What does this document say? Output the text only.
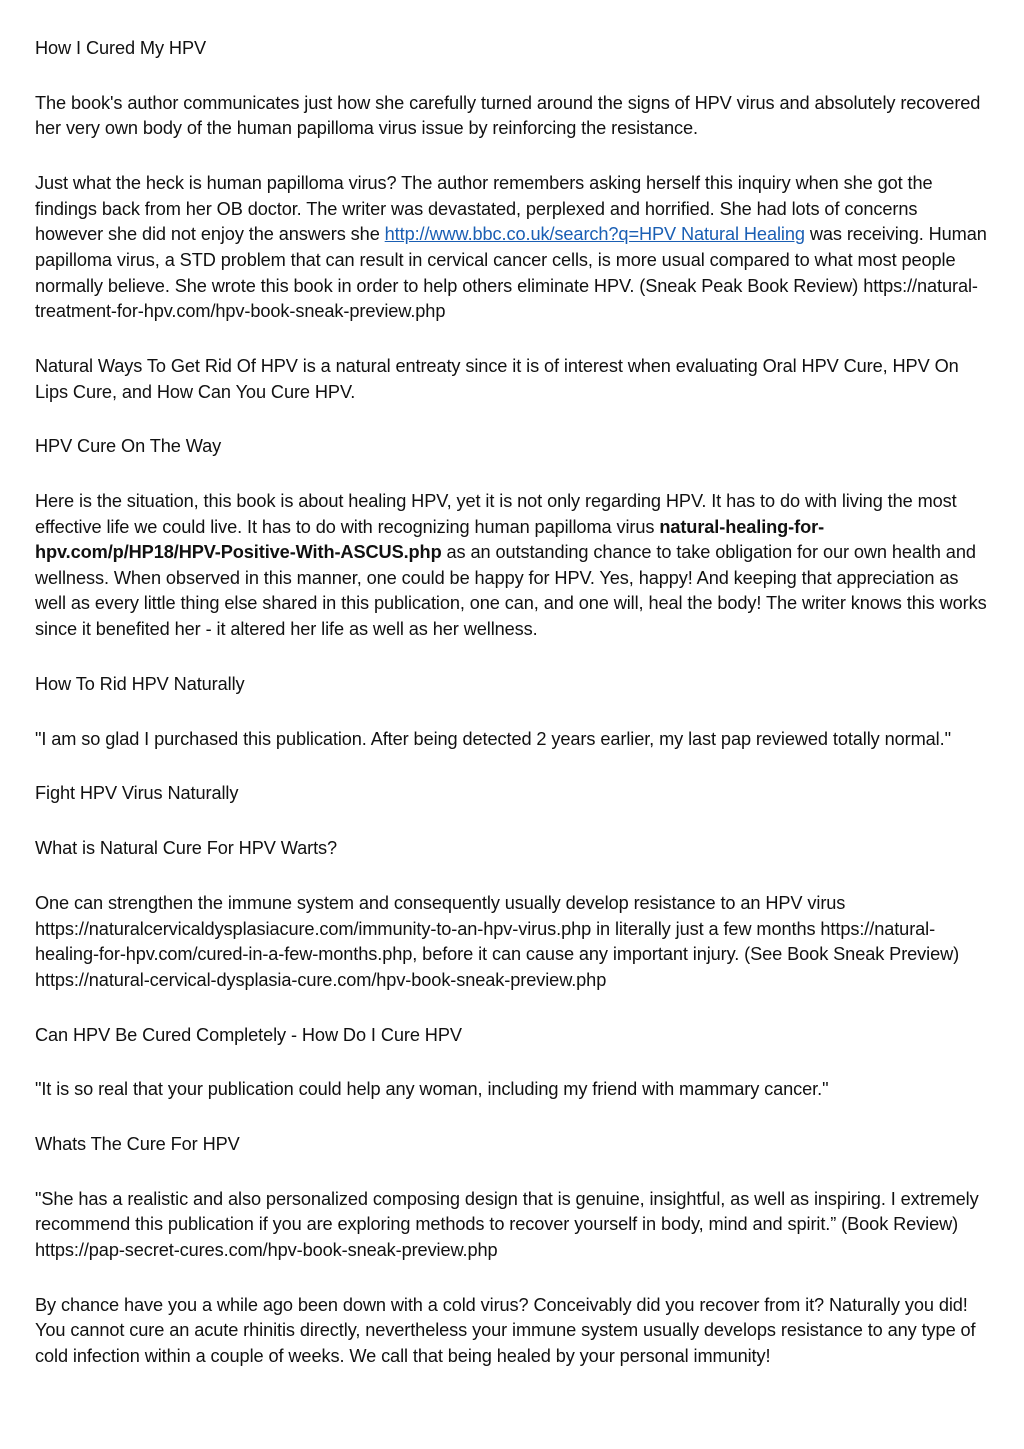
How I Cured My HPV

The book's author communicates just how she carefully turned around the signs of HPV virus and absolutely recovered her very own body of the human papilloma virus issue by reinforcing the resistance.

Just what the heck is human papilloma virus? The author remembers asking herself this inquiry when she got the findings back from her OB doctor. The writer was devastated, perplexed and horrified. She had lots of concerns however she did not enjoy the answers she http://www.bbc.co.uk/search?q=HPV Natural Healing was receiving. Human papilloma virus, a STD problem that can result in cervical cancer cells, is more usual compared to what most people normally believe. She wrote this book in order to help others eliminate HPV. (Sneak Peak Book Review) https://natural-treatment-for-hpv.com/hpv-book-sneak-preview.php

Natural Ways To Get Rid Of HPV is a natural entreaty since it is of interest when evaluating Oral HPV Cure, HPV On Lips Cure, and How Can You Cure HPV.

HPV Cure On The Way

Here is the situation, this book is about healing HPV, yet it is not only regarding HPV. It has to do with living the most effective life we could live. It has to do with recognizing human papilloma virus natural-healing-for-hpv.com/p/HP18/HPV-Positive-With-ASCUS.php as an outstanding chance to take obligation for our own health and wellness. When observed in this manner, one could be happy for HPV. Yes, happy! And keeping that appreciation as well as every little thing else shared in this publication, one can, and one will, heal the body! The writer knows this works since it benefited her - it altered her life as well as her wellness.

How To Rid HPV Naturally

"I am so glad I purchased this publication. After being detected 2 years earlier, my last pap reviewed totally normal."

Fight HPV Virus Naturally

What is Natural Cure For HPV Warts?

One can strengthen the immune system and consequently usually develop resistance to an HPV virus https://naturalcervicaldysplasiacure.com/immunity-to-an-hpv-virus.php in literally just a few months https://natural-healing-for-hpv.com/cured-in-a-few-months.php, before it can cause any important injury. (See Book Sneak Preview) https://natural-cervical-dysplasia-cure.com/hpv-book-sneak-preview.php

Can HPV Be Cured Completely - How Do I Cure HPV

"It is so real that your publication could help any woman, including my friend with mammary cancer."

Whats The Cure For HPV

"She has a realistic and also personalized composing design that is genuine, insightful, as well as inspiring. I extremely recommend this publication if you are exploring methods to recover yourself in body, mind and spirit.” (Book Review) https://pap-secret-cures.com/hpv-book-sneak-preview.php

By chance have you a while ago been down with a cold virus? Conceivably did you recover from it? Naturally you did! You cannot cure an acute rhinitis directly, nevertheless your immune system usually develops resistance to any type of cold infection within a couple of weeks. We call that being healed by your personal immunity!
